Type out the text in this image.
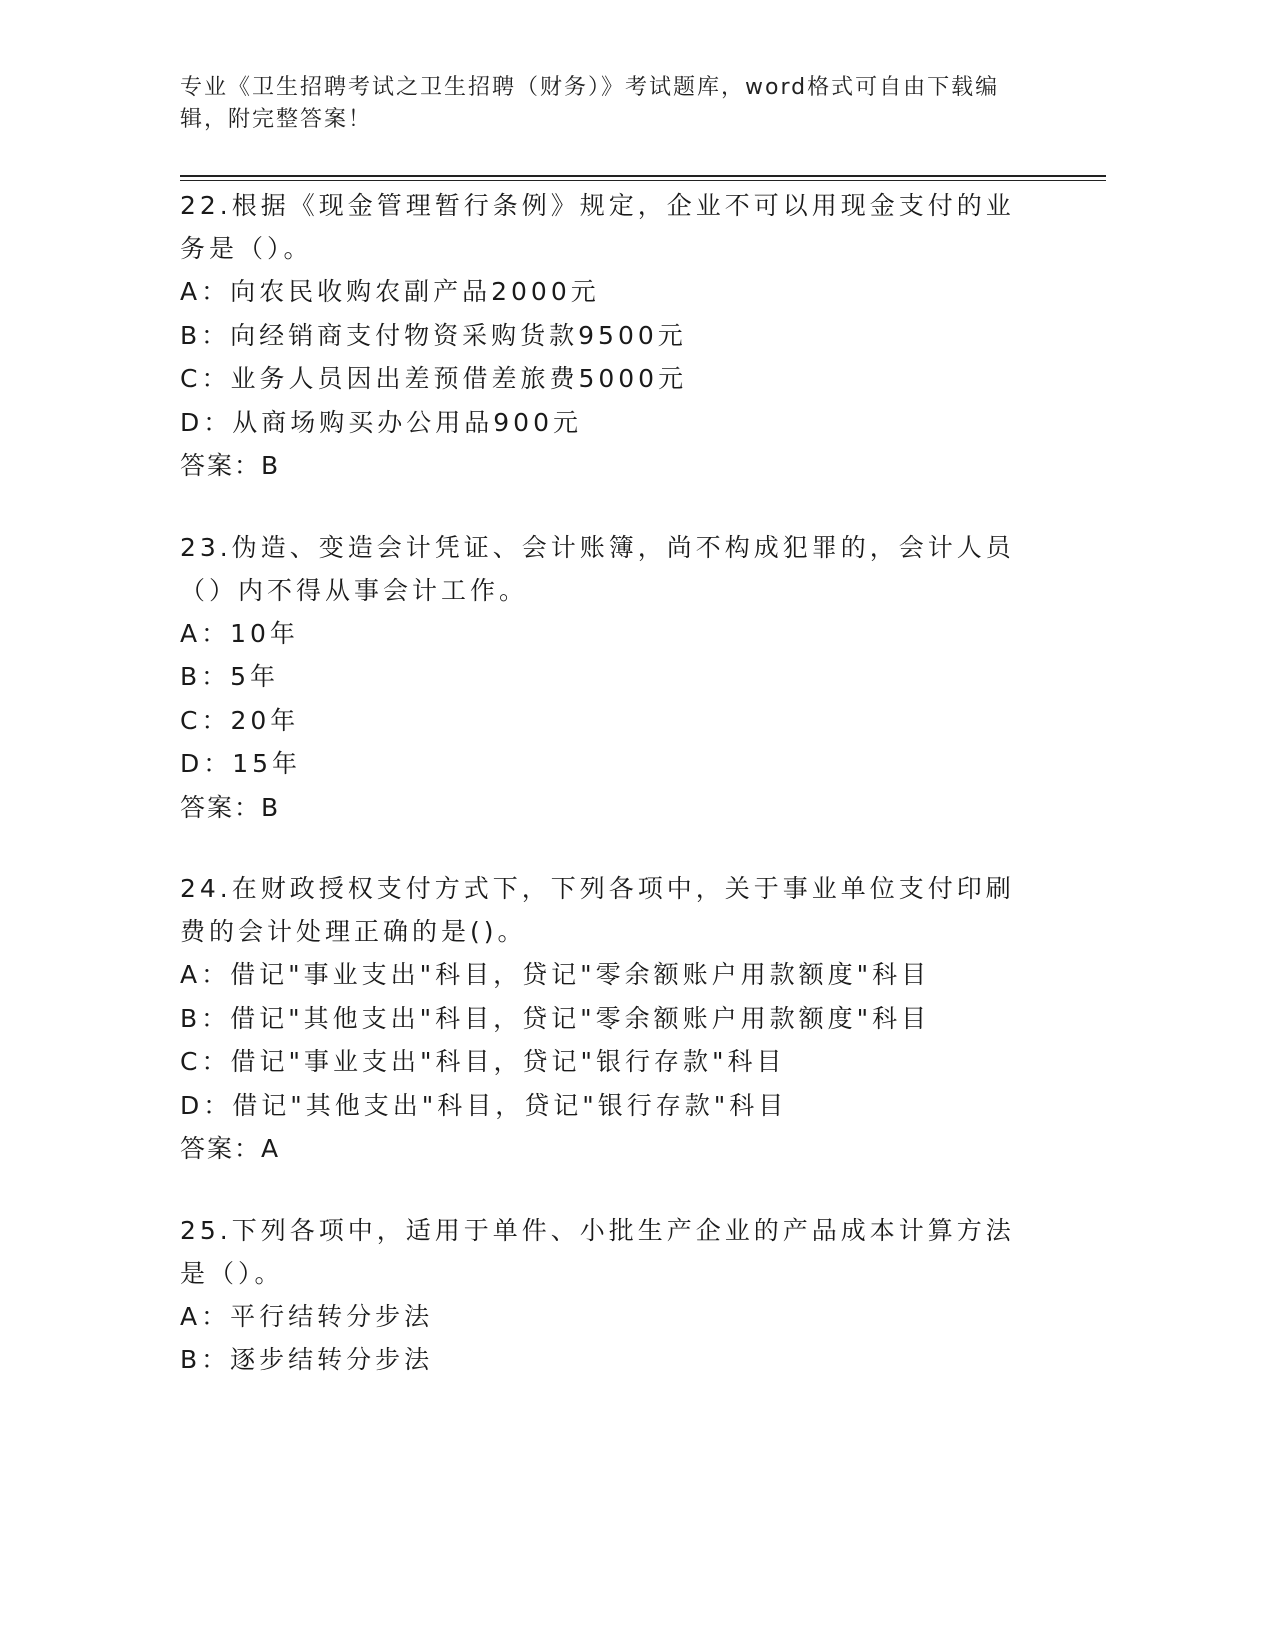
专业《卫生招聘考试之卫生招聘（财务）》考试题库，word格式可自由下载编辑，附完整答案！

22.根据《现金管理暂行条例》规定，企业不可以用现金支付的业务是（）。

A：向农民收购农副产品2000元
B：向经销商支付物资采购货款9500元
C：业务人员因出差预借差旅费5000元
D：从商场购买办公用品900元
答案：B

23.伪造、变造会计凭证、会计账簿，尚不构成犯罪的，会计人员（）内不得从事会计工作。

A：10年
B：5年
C：20年
D：15年
答案：B

24.在财政授权支付方式下，下列各项中，关于事业单位支付印刷费的会计处理正确的是()。

A：借记"事业支出"科目，贷记"零余额账户用款额度"科目
B：借记"其他支出"科目，贷记"零余额账户用款额度"科目
C：借记"事业支出"科目，贷记"银行存款"科目
D：借记"其他支出"科目，贷记"银行存款"科目
答案：A

25.下列各项中，适用于单件、小批生产企业的产品成本计算方法是（）。

A：平行结转分步法
B：逐步结转分步法
